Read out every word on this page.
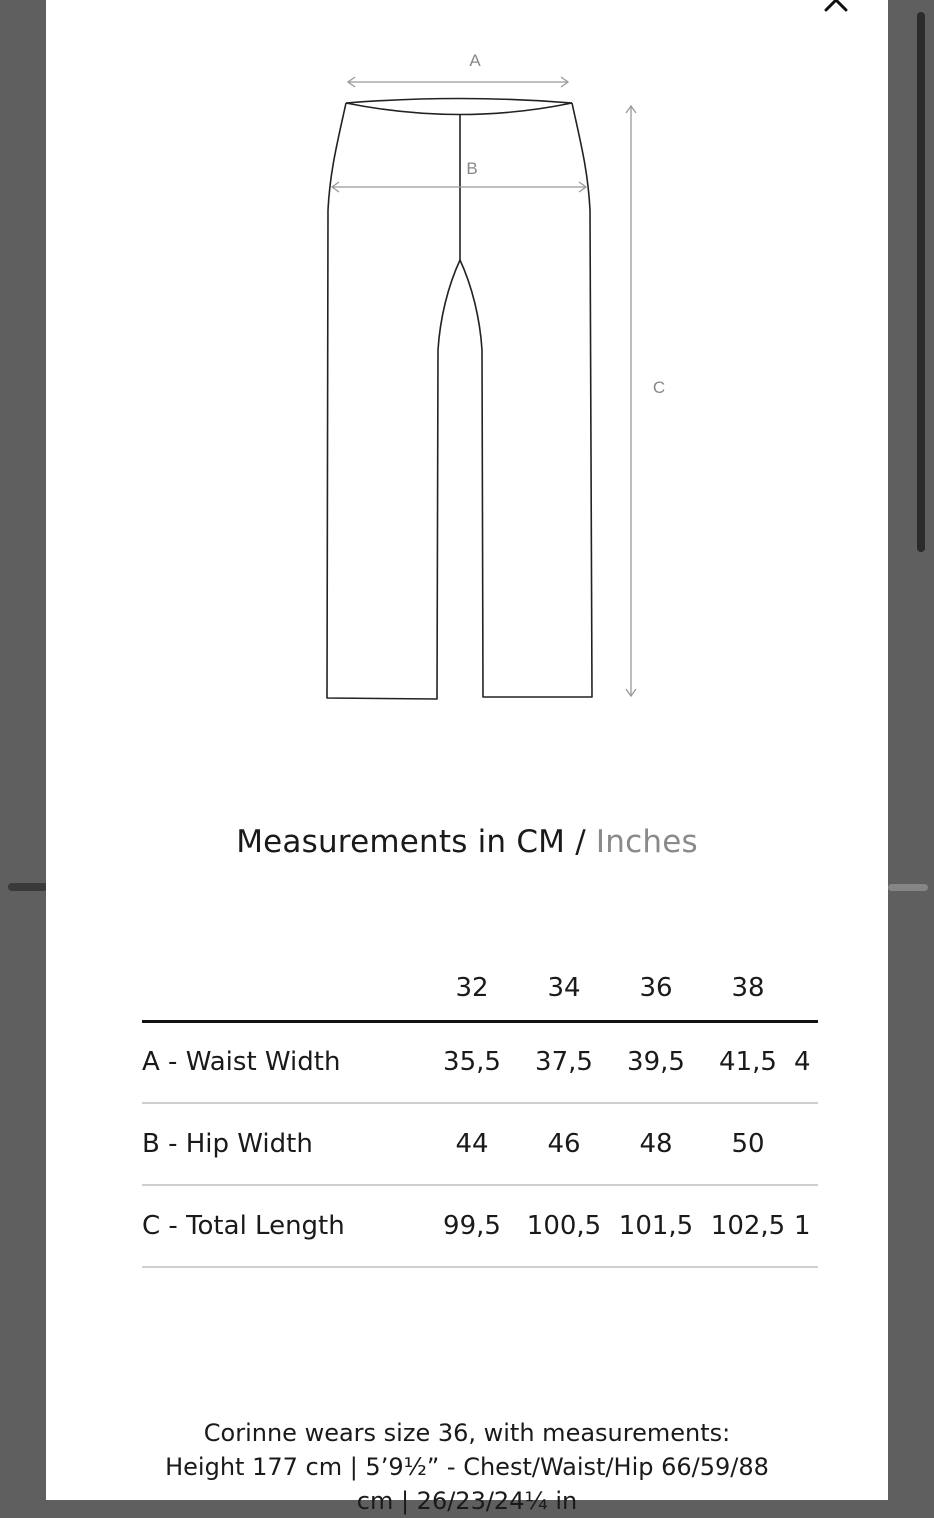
A
B
C
Measurements in CM / Inches
	32	34	36	38	
A - Waist Width	35,5	37,5	39,5	41,5	4
B - Hip Width	44	46	48	50	
C - Total Length	99,5	100,5	101,5	102,5	1
Corinne wears size 36, with measurements:
Height 177 cm | 5’9½” - Chest/Waist/Hip 66/59/88
cm | 26/23/24¼ in
